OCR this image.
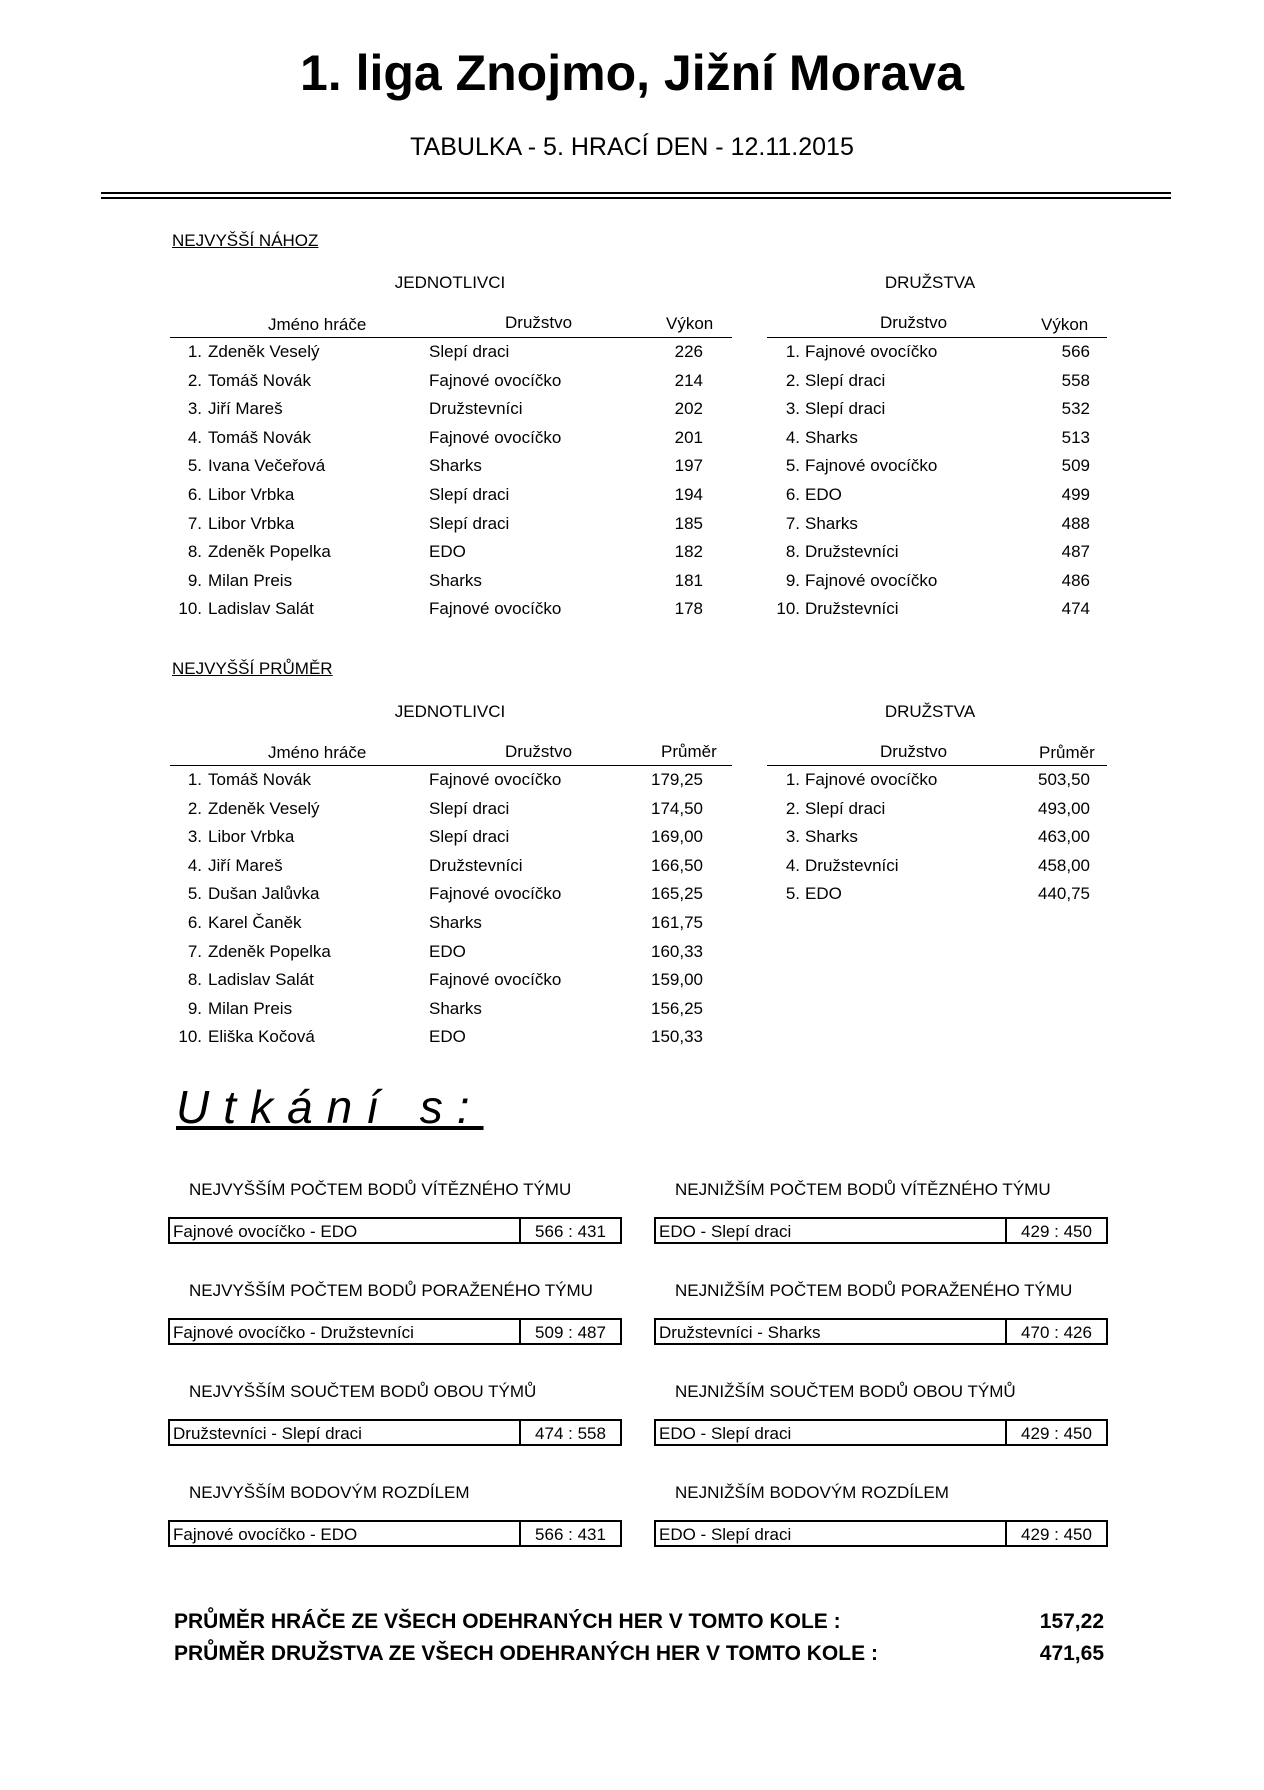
1. liga Znojmo, Jižní Morava
TABULKA - 5. HRACÍ DEN - 12.11.2015
NEJVYŠŠÍ NÁHOZ
JEDNOTLIVCI	DRUŽSTVA
Jméno hráče	Družstvo	Výkon	Družstvo	Výkon
1. Zdeněk Veselý	Slepí draci	226
2. Tomáš Novák	Fajnové ovocíčko	214
3. Jiří Mareš	Družstevníci	202
4. Tomáš Novák	Fajnové ovocíčko	201
5. Ivana Večeřová	Sharks	197
6. Libor Vrbka	Slepí draci	194
7. Libor Vrbka	Slepí draci	185
8. Zdeněk Popelka	EDO	182
9. Milan Preis	Sharks	181
10. Ladislav Salát	Fajnové ovocíčko	178
1. Fajnové ovocíčko	566
2. Slepí draci	558
3. Slepí draci	532
4. Sharks	513
5. Fajnové ovocíčko	509
6. EDO	499
7. Sharks	488
8. Družstevníci	487
9. Fajnové ovocíčko	486
10. Družstevníci	474
NEJVYŠŠÍ PRŮMĚR
JEDNOTLIVCI	DRUŽSTVA
Jméno hráče	Družstvo	Průměr	Družstvo	Průměr
1. Tomáš Novák	Fajnové ovocíčko	179,25
2. Zdeněk Veselý	Slepí draci	174,50
3. Libor Vrbka	Slepí draci	169,00
4. Jiří Mareš	Družstevníci	166,50
5. Dušan Jalůvka	Fajnové ovocíčko	165,25
6. Karel Čaněk	Sharks	161,75
7. Zdeněk Popelka	EDO	160,33
8. Ladislav Salát	Fajnové ovocíčko	159,00
9. Milan Preis	Sharks	156,25
10. Eliška Kočová	EDO	150,33
1. Fajnové ovocíčko	503,50
2. Slepí draci	493,00
3. Sharks	463,00
4. Družstevníci	458,00
5. EDO	440,75
Utkání s:
NEJVYŠŠÍM POČTEM BODŮ VÍTĚZNÉHO TÝMU
Fajnové ovocíčko - EDO	566 : 431
NEJNIŽŠÍM POČTEM BODŮ VÍTĚZNÉHO TÝMU
EDO - Slepí draci	429 : 450
NEJVYŠŠÍM POČTEM BODŮ PORAŽENÉHO TÝMU
Fajnové ovocíčko - Družstevníci	509 : 487
NEJNIŽŠÍM POČTEM BODŮ PORAŽENÉHO TÝMU
Družstevníci - Sharks	470 : 426
NEJVYŠŠÍM SOUČTEM BODŮ OBOU TÝMŮ
Družstevníci - Slepí draci	474 : 558
NEJNIŽŠÍM SOUČTEM BODŮ OBOU TÝMŮ
EDO - Slepí draci	429 : 450
NEJVYŠŠÍM BODOVÝM ROZDÍLEM
Fajnové ovocíčko - EDO	566 : 431
NEJNIŽŠÍM BODOVÝM ROZDÍLEM
EDO - Slepí draci	429 : 450
PRŮMĚR HRÁČE ZE VŠECH ODEHRANÝCH HER V TOMTO KOLE :	157,22
PRŮMĚR DRUŽSTVA ZE VŠECH ODEHRANÝCH HER V TOMTO KOLE :	471,65
